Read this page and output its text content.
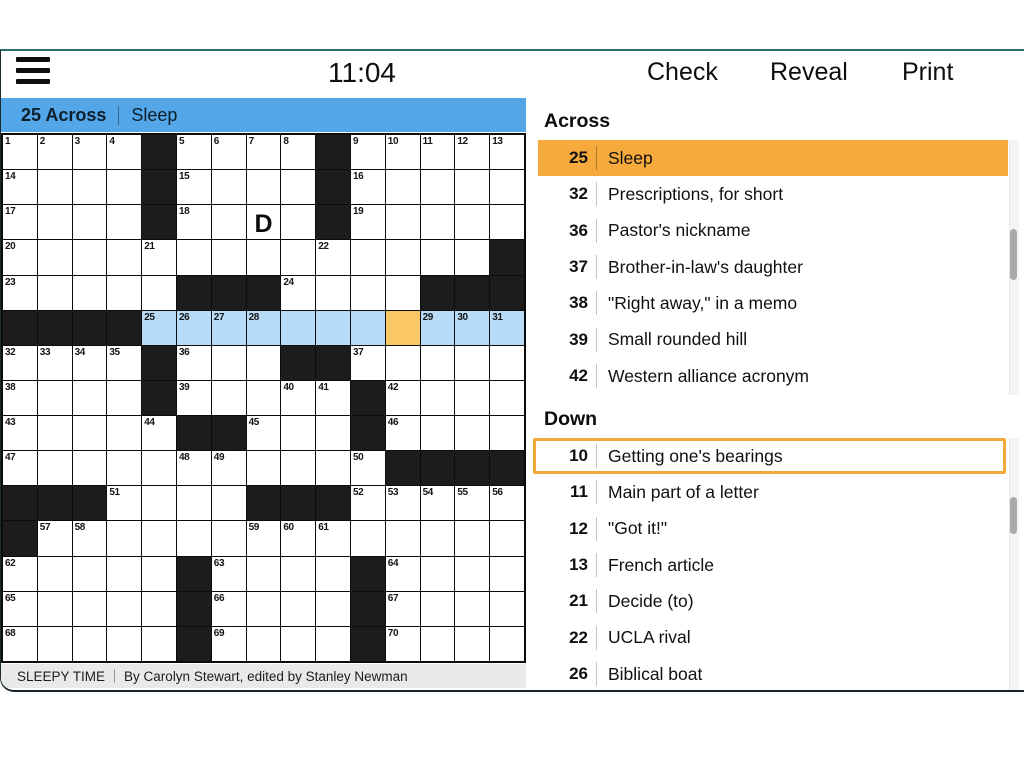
11:04	Check Reveal Print
25 Across Sleep
1	2	3	4	5	6	7	8	9	10 11	12 13
14	15	16
17	18	D	19
20	21	22
23	24
25 26 27 28	29 30 31
32 33 34 35	36	37
38	39	40 41	42
43	44	45	46
47	48 49	50
51	52 53 54 55 56
57 58	59 60 61
62	63	64
65	66	67
68	69	70
SLEEPY TIME By Carolyn Stewart, edited by Stanley Newman
Across
25 Sleep
32 Prescriptions, for short
36 Pastor's nickname
37 Brother-in-law's daughter
38 "Right away," in a memo
39 Small rounded hill
42 Western alliance acronym
Down
10 Getting one's bearings
11 Main part of a letter
12 "Got it!"
13 French article
21 Decide (to)
22 UCLA rival
26 Biblical boat
